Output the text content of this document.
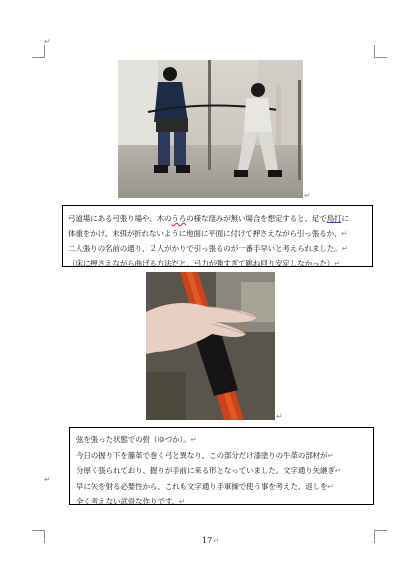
↵
↵
↵
↵
弓道場にある弓張り場や、木のうろの様な窪みが無い場合を想定すると、足で鳥打に
体重をかけ、末弭が折れないように地面に平面に付けて押さえながら引っ張るか、↵
二人張りの名前の通り、２人がかりで引っ張るのが一番手早いと考えられました。↵
（床に押さえながら曲げる方法だと、弓力が強すぎて跳ね回り安定しなかった）↵
弦を張った状態での弣（ゆづか）。↵
今日の握り下を籐革で巻く弓と異なり、この部分だけ漆塗りの牛革の部材が↵
分厚く張られており、握りが手前に来る形となっていました。文字通り矢継ぎ↵
早に矢を射る必要性から、これも文字通り手軍操で使う事を考えた、返しを↵
全く考えない武骨な作りです。↵
17↵
